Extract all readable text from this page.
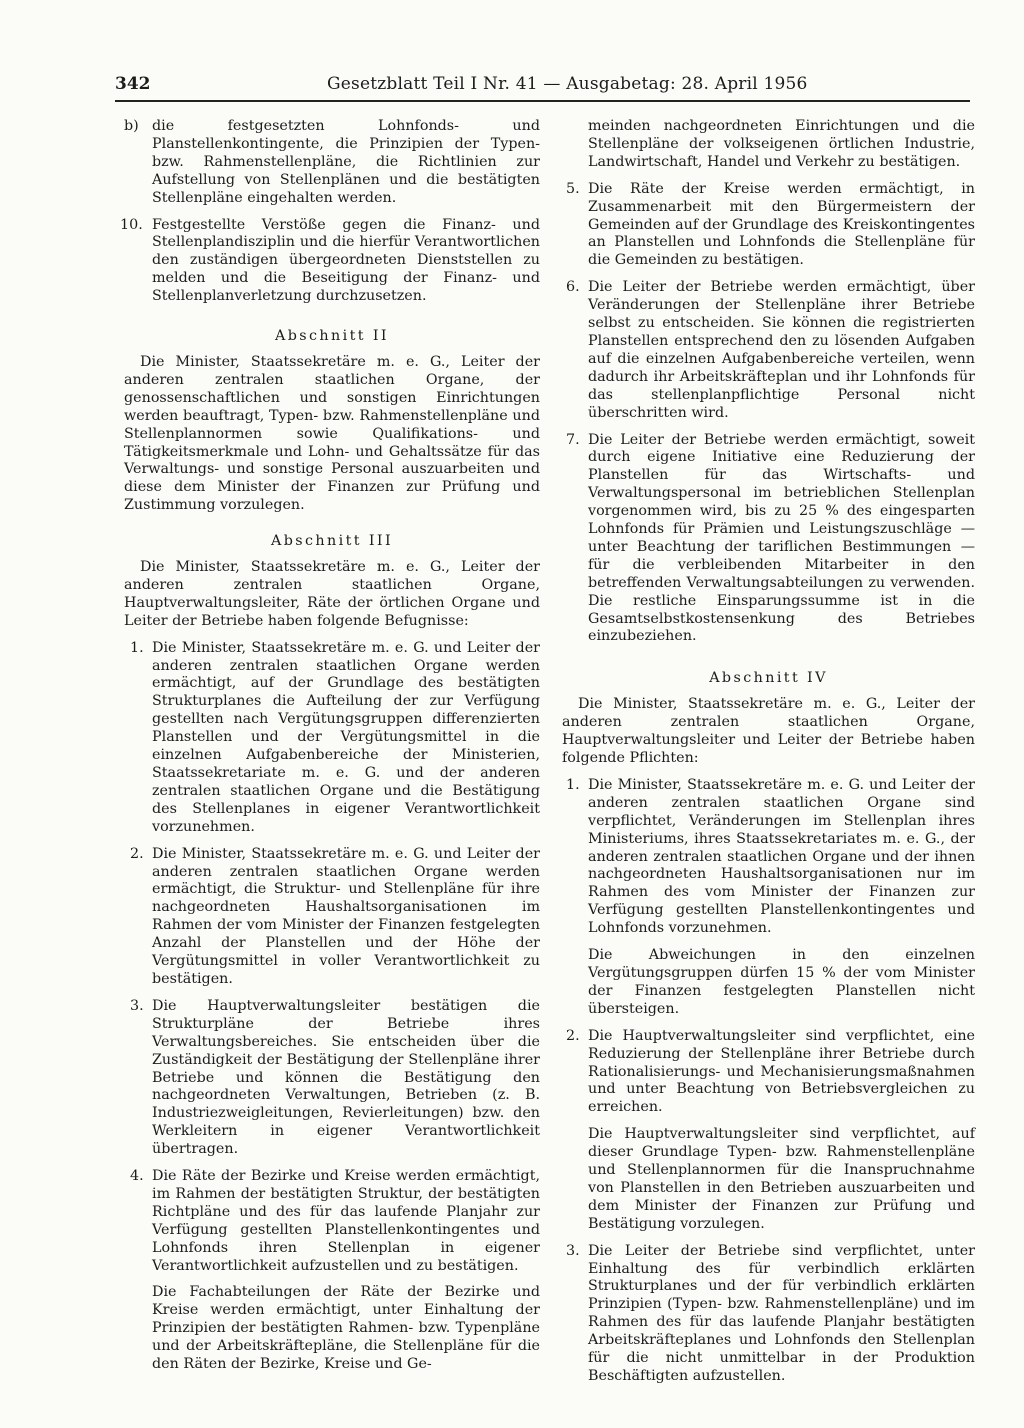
342	Gesetzblatt Teil I Nr. 41 — Ausgabetag: 28. April 1956
b) die festgesetzten Lohnfonds- und Planstellenkontingente, die Prinzipien der Typen- bzw. Rahmenstellenpläne, die Richtlinien zur Aufstellung von Stellenplänen und die bestätigten Stellenpläne eingehalten werden.
10. Festgestellte Verstöße gegen die Finanz- und Stellenplandisziplin und die hierfür Verantwortlichen den zuständigen übergeordneten Dienststellen zu melden und die Beseitigung der Finanz- und Stellenplanverletzung durchzusetzen.
Abschnitt II
Die Minister, Staatssekretäre m. e. G., Leiter der anderen zentralen staatlichen Organe, der genossenschaftlichen und sonstigen Einrichtungen werden beauftragt, Typen- bzw. Rahmenstellenpläne und Stellenplannormen sowie Qualifikations- und Tätigkeitsmerkmale und Lohn- und Gehaltssätze für das Verwaltungs- und sonstige Personal auszuarbeiten und diese dem Minister der Finanzen zur Prüfung und Zustimmung vorzulegen.
Abschnitt III
Die Minister, Staatssekretäre m. e. G., Leiter der anderen zentralen staatlichen Organe, Hauptverwaltungsleiter, Räte der örtlichen Organe und Leiter der Betriebe haben folgende Befugnisse:
1. Die Minister, Staatssekretäre m. e. G. und Leiter der anderen zentralen staatlichen Organe werden ermächtigt, auf der Grundlage des bestätigten Strukturplanes die Aufteilung der zur Verfügung gestellten nach Vergütungsgruppen differenzierten Planstellen und der Vergütungsmittel in die einzelnen Aufgabenbereiche der Ministerien, Staatssekretariate m. e. G. und der anderen zentralen staatlichen Organe und die Bestätigung des Stellenplanes in eigener Verantwortlichkeit vorzunehmen.
2. Die Minister, Staatssekretäre m. e. G. und Leiter der anderen zentralen staatlichen Organe werden ermächtigt, die Struktur- und Stellenpläne für ihre nachgeordneten Haushaltsorganisationen im Rahmen der vom Minister der Finanzen festgelegten Anzahl der Planstellen und der Höhe der Vergütungsmittel in voller Verantwortlichkeit zu bestätigen.
3. Die Hauptverwaltungsleiter bestätigen die Strukturpläne der Betriebe ihres Verwaltungsbereiches. Sie entscheiden über die Zuständigkeit der Bestätigung der Stellenpläne ihrer Betriebe und können die Bestätigung den nachgeordneten Verwaltungen, Betrieben (z. B. Industriezweigleitungen, Revierleitungen) bzw. den Werkleitern in eigener Verantwortlichkeit übertragen.
4. Die Räte der Bezirke und Kreise werden ermächtigt, im Rahmen der bestätigten Struktur, der bestätigten Richtpläne und des für das laufende Planjahr zur Verfügung gestellten Planstellenkontingentes und Lohnfonds ihren Stellenplan in eigener Verantwortlichkeit aufzustellen und zu bestätigen.
Die Fachabteilungen der Räte der Bezirke und Kreise werden ermächtigt, unter Einhaltung der Prinzipien der bestätigten Rahmen- bzw. Typenpläne und der Arbeitskräftepläne, die Stellenpläne für die den Räten der Bezirke, Kreise und Ge-
meinden nachgeordneten Einrichtungen und die Stellenpläne der volkseigenen örtlichen Industrie, Landwirtschaft, Handel und Verkehr zu bestätigen.
5. Die Räte der Kreise werden ermächtigt, in Zusammenarbeit mit den Bürgermeistern der Gemeinden auf der Grundlage des Kreiskontingentes an Planstellen und Lohnfonds die Stellenpläne für die Gemeinden zu bestätigen.
6. Die Leiter der Betriebe werden ermächtigt, über Veränderungen der Stellenpläne ihrer Betriebe selbst zu entscheiden. Sie können die registrierten Planstellen entsprechend den zu lösenden Aufgaben auf die einzelnen Aufgabenbereiche verteilen, wenn dadurch ihr Arbeitskräfteplan und ihr Lohnfonds für das stellenplanpflichtige Personal nicht überschritten wird.
7. Die Leiter der Betriebe werden ermächtigt, soweit durch eigene Initiative eine Reduzierung der Planstellen für das Wirtschafts- und Verwaltungspersonal im betrieblichen Stellenplan vorgenommen wird, bis zu 25 % des eingesparten Lohnfonds für Prämien und Leistungszuschläge — unter Beachtung der tariflichen Bestimmungen — für die verbleibenden Mitarbeiter in den betreffenden Verwaltungsabteilungen zu verwenden. Die restliche Einsparungssumme ist in die Gesamtselbstkostensenkung des Betriebes einzubeziehen.
Abschnitt IV
Die Minister, Staatssekretäre m. e. G., Leiter der anderen zentralen staatlichen Organe, Hauptverwaltungsleiter und Leiter der Betriebe haben folgende Pflichten:
1. Die Minister, Staatssekretäre m. e. G. und Leiter der anderen zentralen staatlichen Organe sind verpflichtet, Veränderungen im Stellenplan ihres Ministeriums, ihres Staatssekretariates m. e. G., der anderen zentralen staatlichen Organe und der ihnen nachgeordneten Haushaltsorganisationen nur im Rahmen des vom Minister der Finanzen zur Verfügung gestellten Planstellenkontingentes und Lohnfonds vorzunehmen.
Die Abweichungen in den einzelnen Vergütungsgruppen dürfen 15 % der vom Minister der Finanzen festgelegten Planstellen nicht übersteigen.
2. Die Hauptverwaltungsleiter sind verpflichtet, eine Reduzierung der Stellenpläne ihrer Betriebe durch Rationalisierungs- und Mechanisierungsmaßnahmen und unter Beachtung von Betriebsvergleichen zu erreichen.
Die Hauptverwaltungsleiter sind verpflichtet, auf dieser Grundlage Typen- bzw. Rahmenstellenpläne und Stellenplannormen für die Inanspruchnahme von Planstellen in den Betrieben auszuarbeiten und dem Minister der Finanzen zur Prüfung und Bestätigung vorzulegen.
3. Die Leiter der Betriebe sind verpflichtet, unter Einhaltung des für verbindlich erklärten Strukturplanes und der für verbindlich erklärten Prinzipien (Typen- bzw. Rahmenstellenpläne) und im Rahmen des für das laufende Planjahr bestätigten Arbeitskräfteplanes und Lohnfonds den Stellenplan für die nicht unmittelbar in der Produktion Beschäftigten aufzustellen.
